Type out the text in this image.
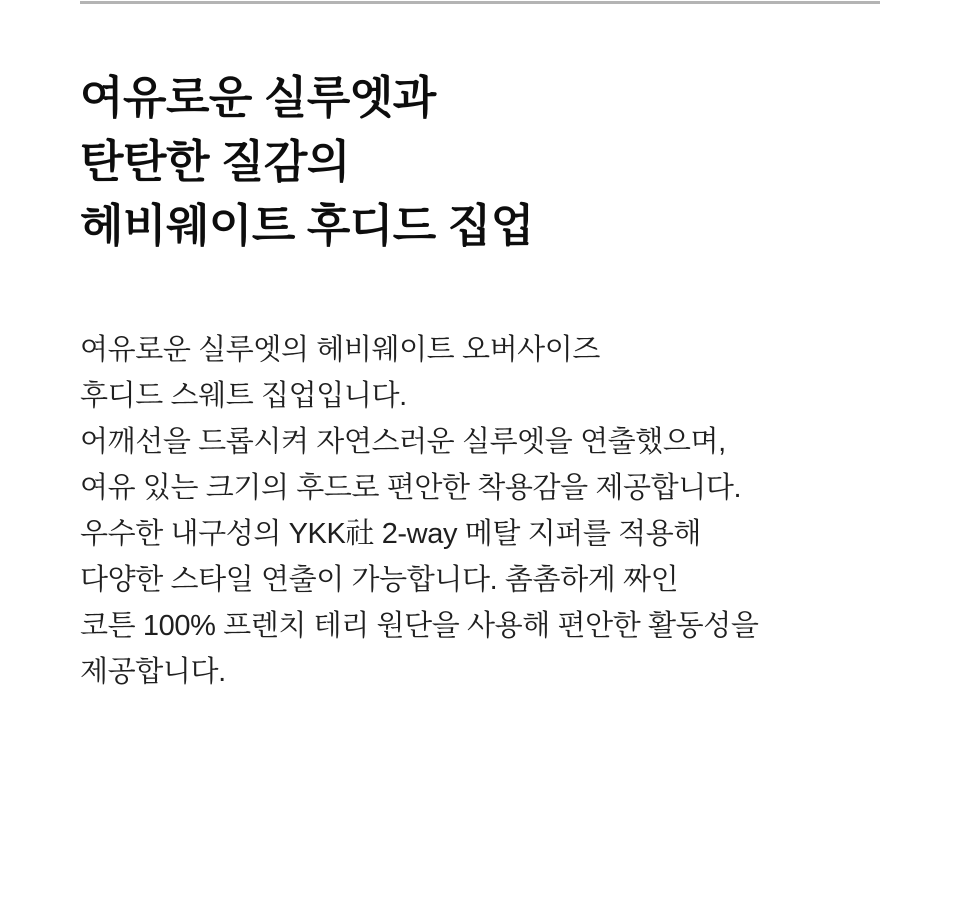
여유로운 실루엣과
탄탄한 질감의
헤비웨이트 후디드 집업

여유로운 실루엣의 헤비웨이트 오버사이즈
후디드 스웨트 집업입니다.
어깨선을 드롭시켜 자연스러운 실루엣을 연출했으며,
여유 있는 크기의 후드로 편안한 착용감을 제공합니다.
우수한 내구성의 YKK社 2-way 메탈 지퍼를 적용해
다양한 스타일 연출이 가능합니다. 촘촘하게 짜인
코튼 100% 프렌치 테리 원단을 사용해 편안한 활동성을
제공합니다.
